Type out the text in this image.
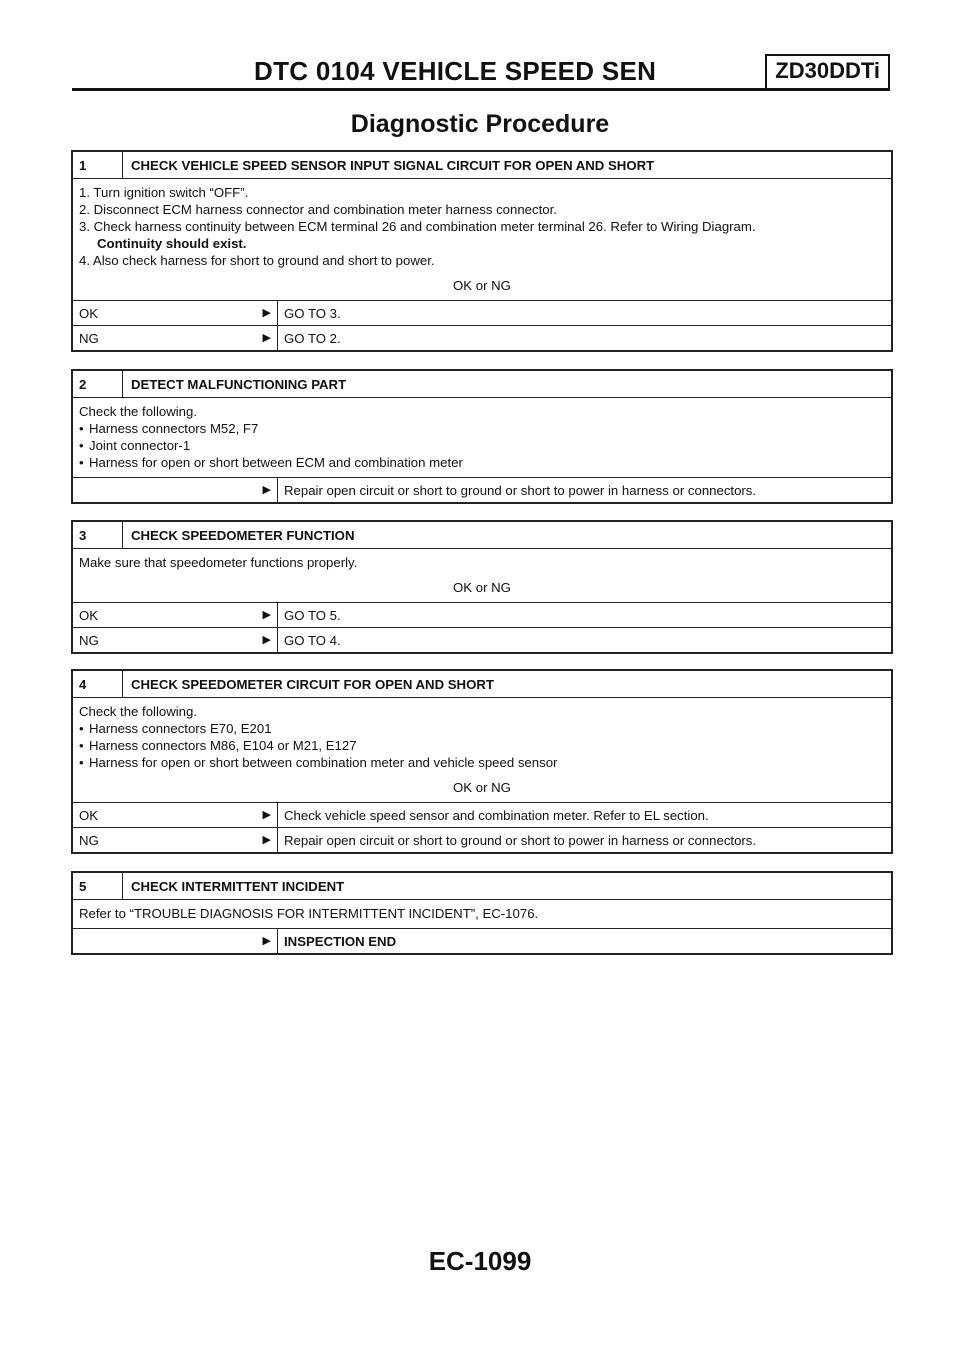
DTC 0104 VEHICLE SPEED SEN	ZD30DDTi
Diagnostic Procedure
1	CHECK VEHICLE SPEED SENSOR INPUT SIGNAL CIRCUIT FOR OPEN AND SHORT
1. Turn ignition switch “OFF”.
2. Disconnect ECM harness connector and combination meter harness connector.
3. Check harness continuity between ECM terminal 26 and combination meter terminal 26. Refer to Wiring Diagram.
Continuity should exist.
4. Also check harness for short to ground and short to power.
OK or NG
OK	▶ GO TO 3.
NG	▶ GO TO 2.
2	DETECT MALFUNCTIONING PART
Check the following.
• Harness connectors M52, F7
• Joint connector-1
• Harness for open or short between ECM and combination meter
▶ Repair open circuit or short to ground or short to power in harness or connectors.
3	CHECK SPEEDOMETER FUNCTION
Make sure that speedometer functions properly.
OK or NG
OK	▶ GO TO 5.
NG	▶ GO TO 4.
4	CHECK SPEEDOMETER CIRCUIT FOR OPEN AND SHORT
Check the following.
• Harness connectors E70, E201
• Harness connectors M86, E104 or M21, E127
• Harness for open or short between combination meter and vehicle speed sensor
OK or NG
OK	▶ Check vehicle speed sensor and combination meter. Refer to EL section.
NG	▶ Repair open circuit or short to ground or short to power in harness or connectors.
5	CHECK INTERMITTENT INCIDENT
Refer to “TROUBLE DIAGNOSIS FOR INTERMITTENT INCIDENT”, EC-1076.
▶ INSPECTION END
EC-1099
